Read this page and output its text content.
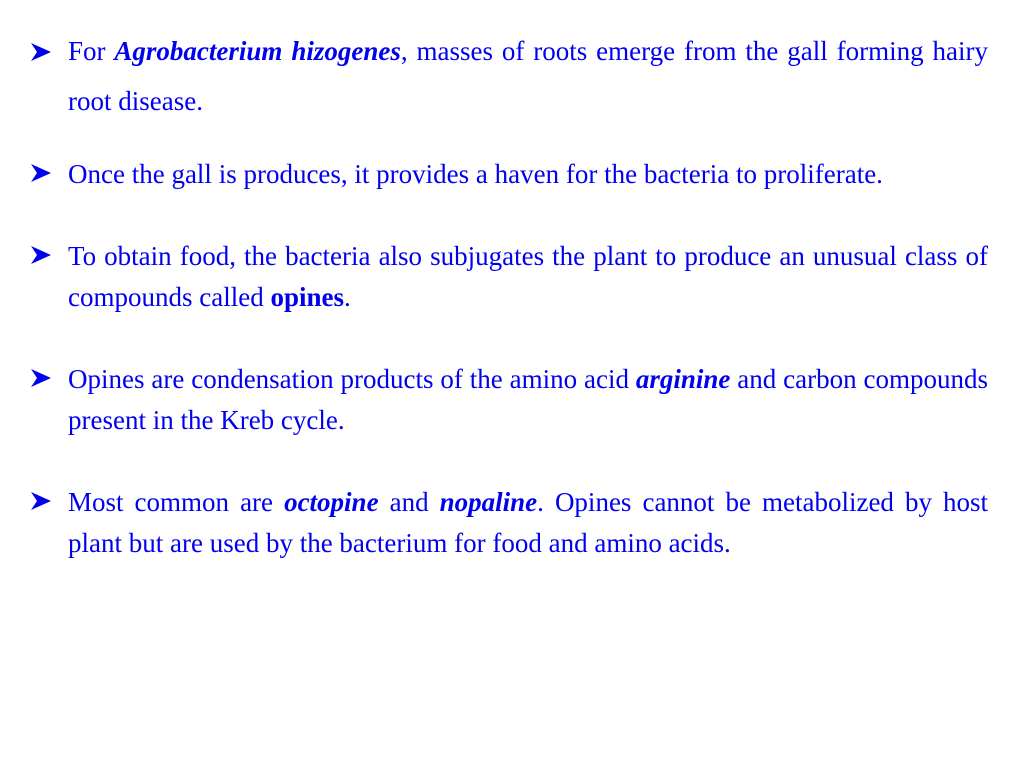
For Agrobacterium hizogenes, masses of roots emerge from the gall forming hairy root disease.
Once the gall is produces, it provides a haven for the bacteria to proliferate.
To obtain food, the bacteria also subjugates the plant to produce an unusual class of compounds called opines.
Opines are condensation products of the amino acid arginine and carbon compounds present in the Kreb cycle.
Most common are octopine and nopaline. Opines cannot be metabolized by host plant but are used by the bacterium for food and amino acids.
